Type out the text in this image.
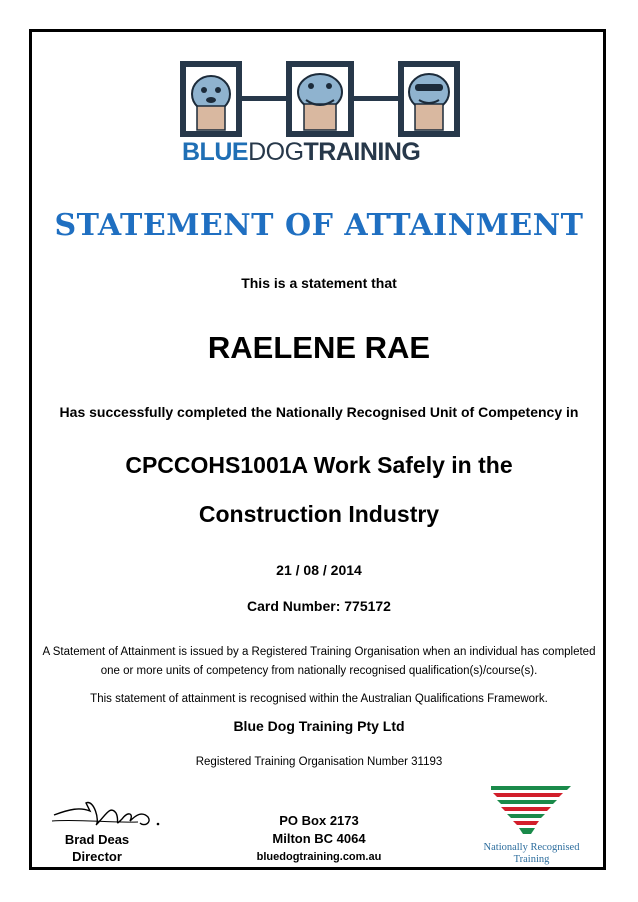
BLUEDOGTRAINING
STATEMENT OF ATTAINMENT
This is a statement that
RAELENE RAE
Has successfully completed the Nationally Recognised Unit of Competency in
CPCCOHS1001A Work Safely in the
Construction Industry
21 / 08 / 2014
Card Number: 775172
A Statement of Attainment is issued by a Registered Training Organisation when an individual has completed one or more units of competency from nationally recognised qualification(s)/course(s).
This statement of attainment is recognised within the Australian Qualifications Framework.
Blue Dog Training Pty Ltd
Registered Training Organisation Number 31193
Brad Deas
Director
PO Box 2173
Milton BC 4064
bluedogtraining.com.au
Nationally Recognised
Training
